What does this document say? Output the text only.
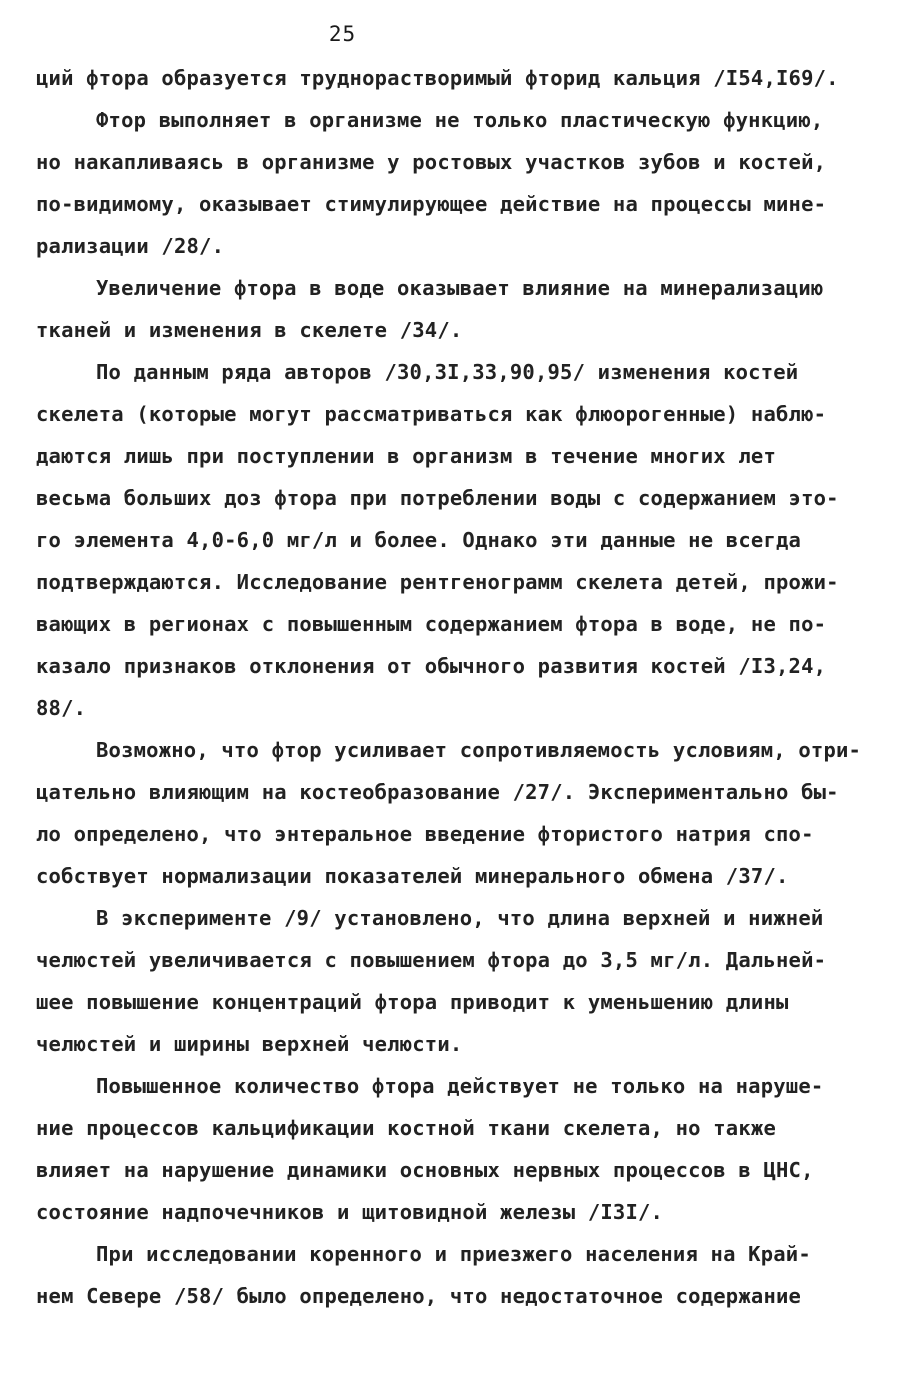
25
ций фтора образуется труднорастворимый фторид кальция /I54,I69/.
Фтор выполняет в организме не только пластическую функцию,
но накапливаясь в организме у ростовых участков зубов и костей,
по-видимому, оказывает стимулирующее действие на процессы мине-
рализации /28/.
Увеличение фтора в воде оказывает влияние на минерализацию
тканей и изменения в скелете /34/.
По данным ряда авторов /30,3I,33,90,95/ изменения костей
скелета (которые могут рассматриваться как флюорогенные) наблю-
даются лишь при поступлении в организм в течение многих лет
весьма больших доз фтора при потреблении воды с содержанием это-
го элемента 4,0-6,0 мг/л и более. Однако эти данные не всегда
подтверждаются. Исследование рентгенограмм скелета детей, прожи-
вающих в регионах с повышенным содержанием фтора в воде, не по-
казало признаков отклонения от обычного развития костей /I3,24,
88/.
Возможно, что фтор усиливает сопротивляемость условиям, отри-
цательно влияющим на костеобразование /27/. Экспериментально бы-
ло определено, что энтеральное введение фтористого натрия спо-
собствует нормализации показателей минерального обмена /37/.
В эксперименте /9/ установлено, что длина верхней и нижней
челюстей увеличивается с повышением фтора до 3,5 мг/л. Дальней-
шее повышение концентраций фтора приводит к уменьшению длины
челюстей и ширины верхней челюсти.
Повышенное количество фтора действует не только на наруше-
ние процессов кальцификации костной ткани скелета, но также
влияет на нарушение динамики основных нервных процессов в ЦНС,
состояние надпочечников и щитовидной железы /I3I/.
При исследовании коренного и приезжего населения на Край-
нем Севере /58/ было определено, что недостаточное содержание
